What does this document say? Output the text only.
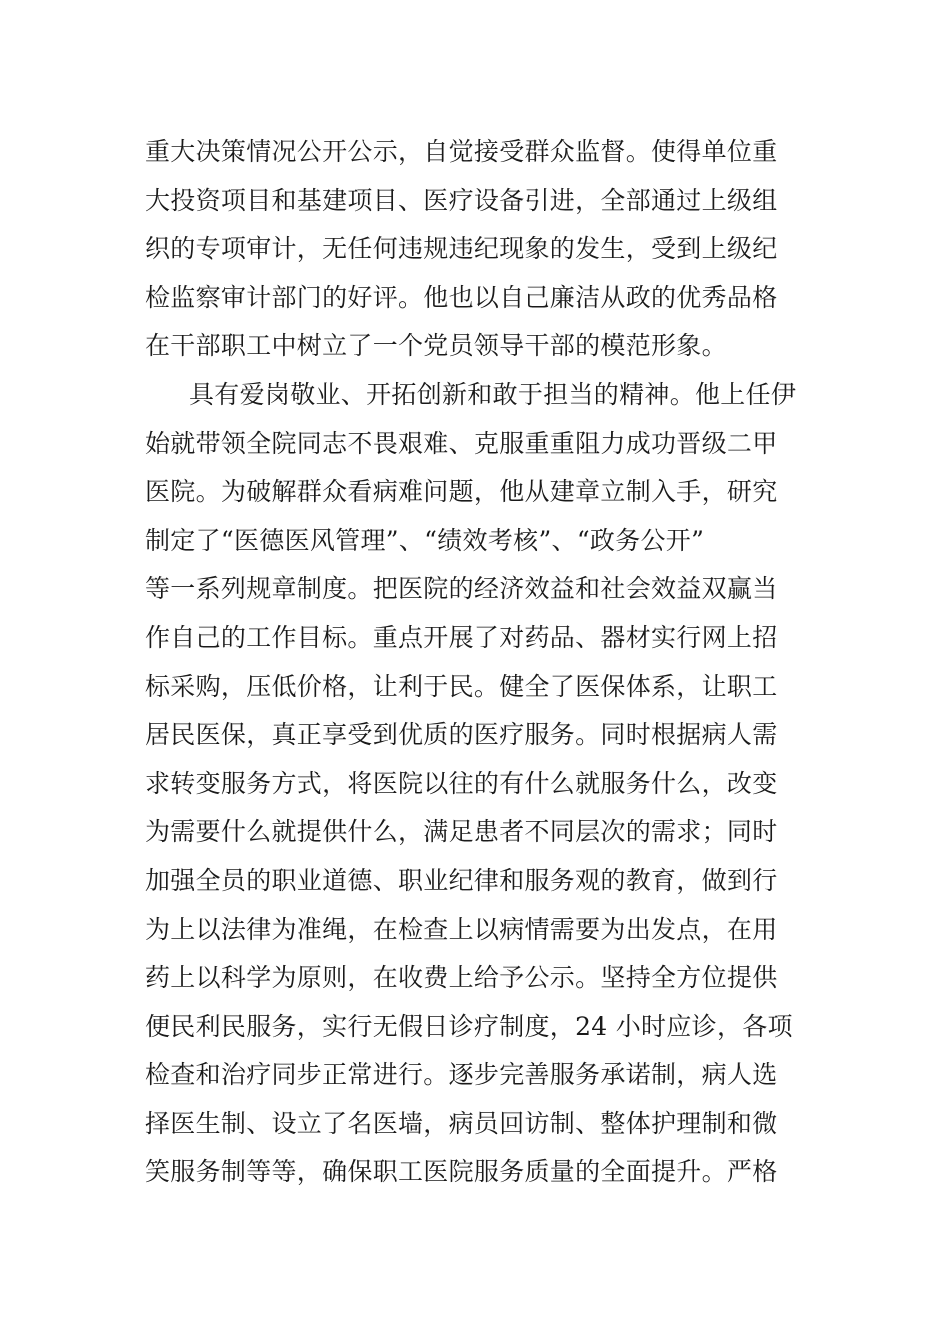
重大决策情况公开公示，自觉接受群众监督。使得单位重
大投资项目和基建项目、医疗设备引进，全部通过上级组
织的专项审计，无任何违规违纪现象的发生，受到上级纪
检监察审计部门的好评。他也以自己廉洁从政的优秀品格
在干部职工中树立了一个党员领导干部的模范形象。
具有爱岗敬业、开拓创新和敢于担当的精神。他上任伊
始就带领全院同志不畏艰难、克服重重阻力成功晋级二甲
医院。为破解群众看病难问题，他从建章立制入手，研究
制定了“医德医风管理”、“绩效考核”、“政务公开”
等一系列规章制度。把医院的经济效益和社会效益双赢当
作自己的工作目标。重点开展了对药品、器材实行网上招
标采购，压低价格，让利于民。健全了医保体系，让职工
居民医保，真正享受到优质的医疗服务。同时根据病人需
求转变服务方式，将医院以往的有什么就服务什么，改变
为需要什么就提供什么，满足患者不同层次的需求；同时
加强全员的职业道德、职业纪律和服务观的教育，做到行
为上以法律为准绳，在检查上以病情需要为出发点，在用
药上以科学为原则，在收费上给予公示。坚持全方位提供
便民利民服务，实行无假日诊疗制度，24 小时应诊，各项
检查和治疗同步正常进行。逐步完善服务承诺制，病人选
择医生制、设立了名医墙，病员回访制、整体护理制和微
笑服务制等等，确保职工医院服务质量的全面提升。严格
